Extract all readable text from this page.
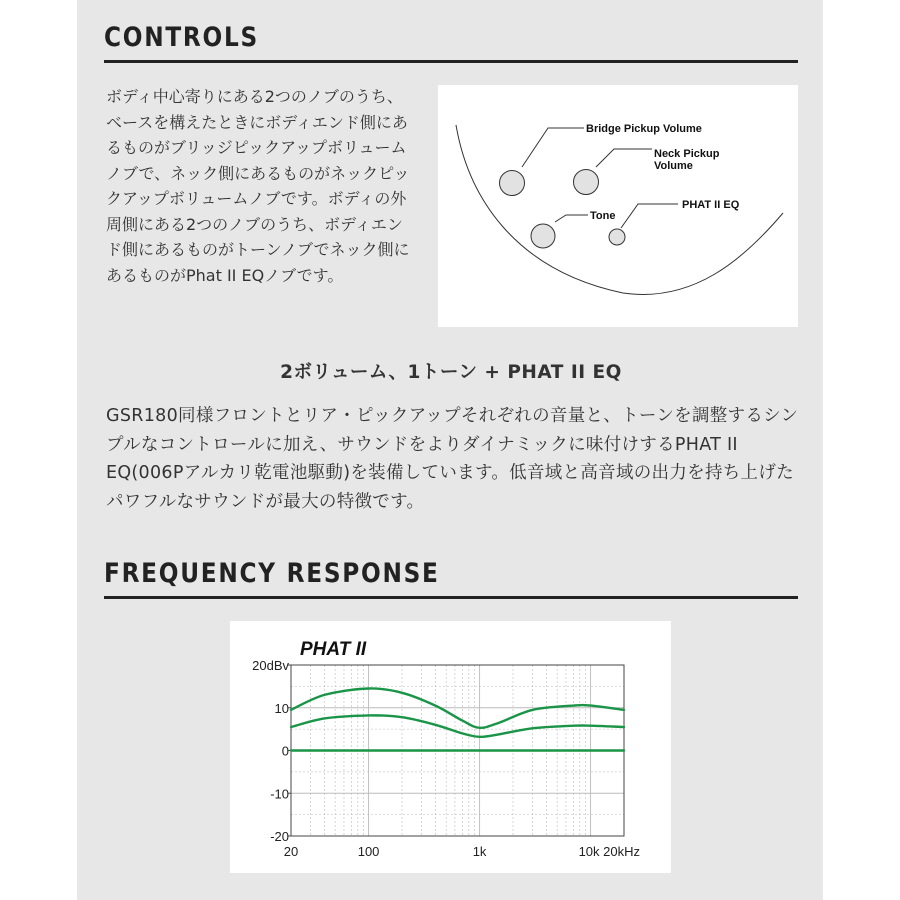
CONTROLS

ボディ中心寄りにある2つのノブのうち、ベースを構えたときにボディエンド側にあるものがブリッジピックアップボリュームノブで、ネック側にあるものがネックピックアップボリュームノブです。ボディの外周側にある2つのノブのうち、ボディエンド側にあるものがトーンノブでネック側にあるものがPhat II EQノブです。

Bridge Pickup Volume
Neck Pickup
Volume
Tone
PHAT II EQ

2ボリューム、1トーン + PHAT II EQ

GSR180同様フロントとリア・ピックアップそれぞれの音量と、トーンを調整するシンプルなコントロールに加え、サウンドをよりダイナミックに味付けするPHAT II EQ(006Pアルカリ乾電池駆動)を装備しています。低音域と高音域の出力を持ち上げたパワフルなサウンドが最大の特徴です。

FREQUENCY RESPONSE
PHAT II
20dBv
10
0
-10
-20
20	100	1k	10k 20kHz
